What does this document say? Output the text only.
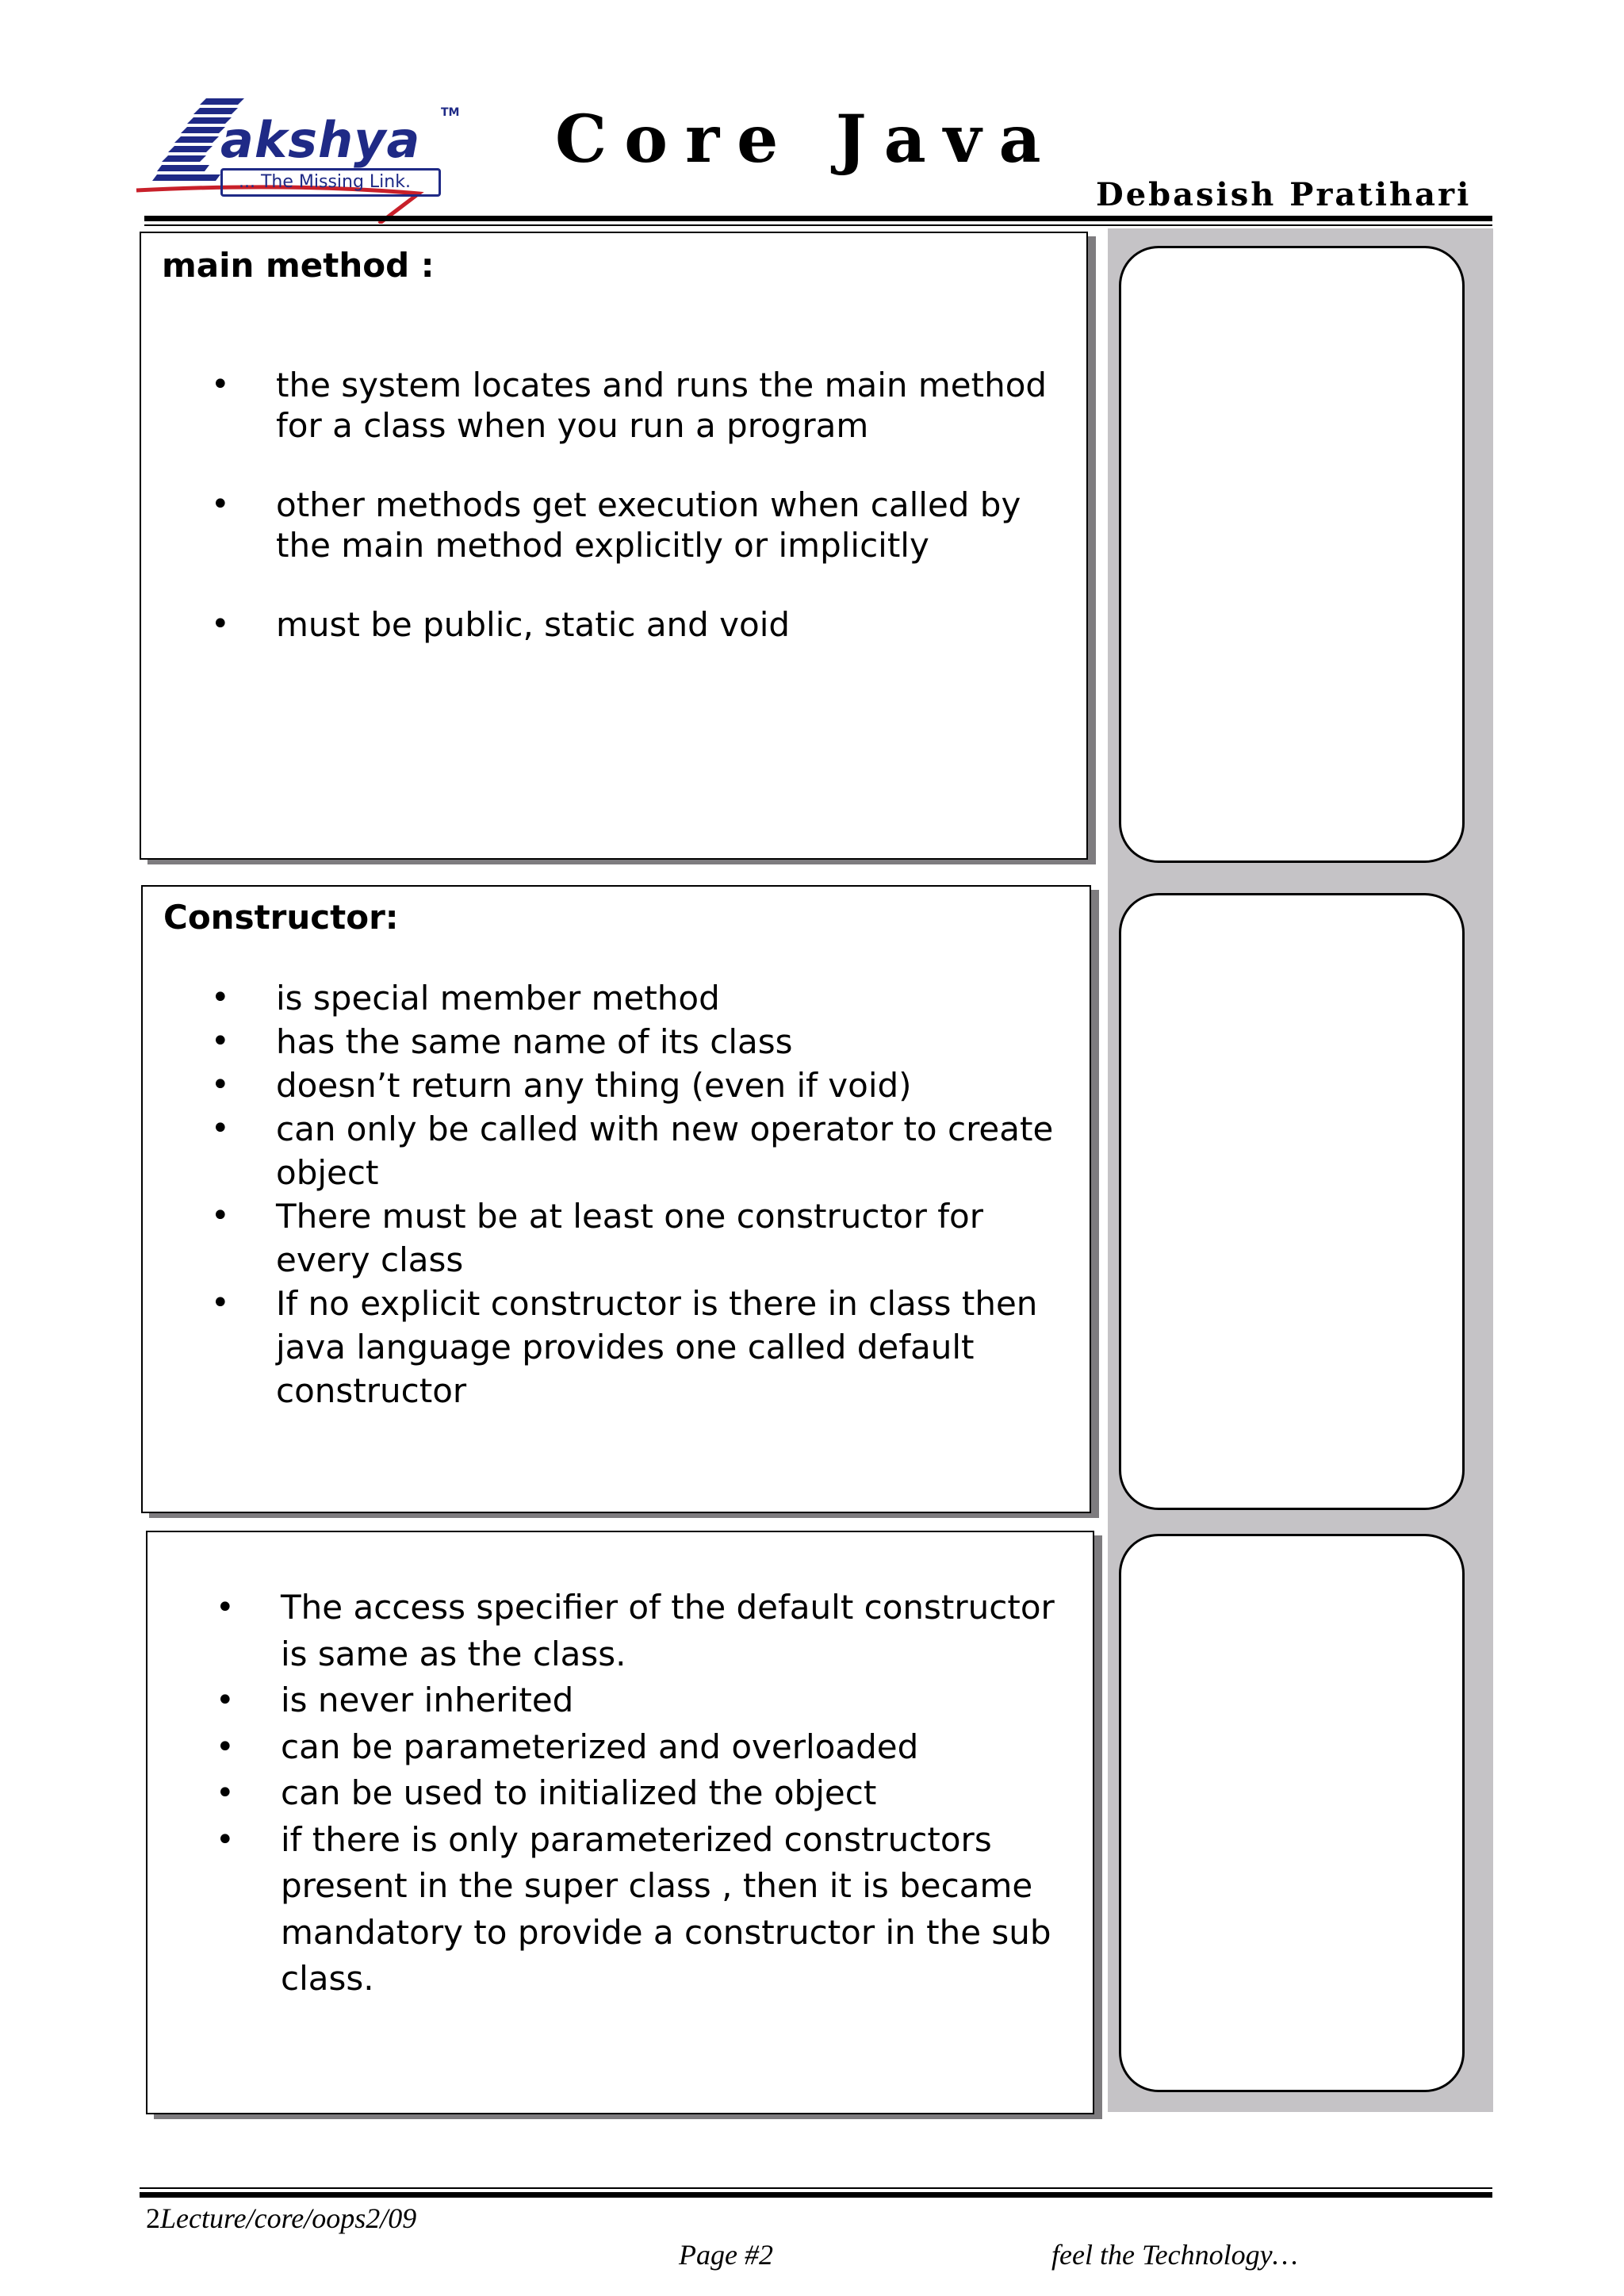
akshya TM
... The Missing Link.
Core Java
Debasish Pratihari
main method :
• the system locates and runs the main method for a class when you run a program
• other methods get execution when called by the main method explicitly or implicitly
• must be public, static and void
Constructor:
• is special member method
• has the same name of its class
• doesn’t return any thing (even if void)
• can only be called with new operator to create object
• There must be at least one constructor for every class
• If no explicit constructor is there in class then java language provides one called default constructor
• The access specifier of the default constructor is same as the class.
• is never inherited
• can be parameterized and overloaded
• can be used to initialized the object
• if there is only parameterized constructors present in the super class , then it is became mandatory to provide a constructor in the sub class.
2Lecture/core/oops2/09
Page #2	feel the Technology…
